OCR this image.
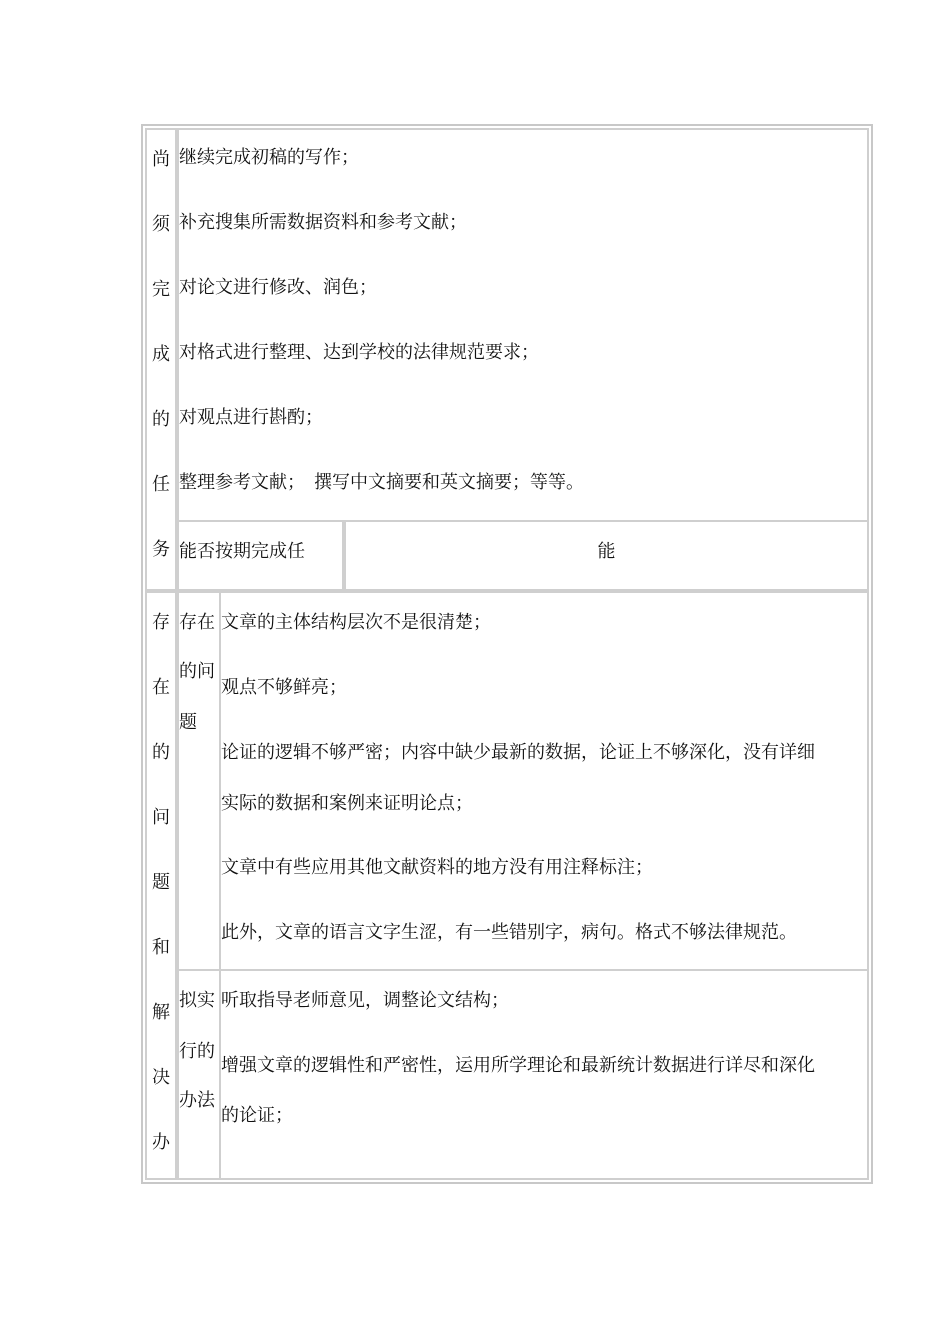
尚
须
完
成
的
任
务
继续完成初稿的写作；
补充搜集所需数据资料和参考文献；
对论文进行修改、润色；
对格式进行整理、达到学校的法律规范要求；
对观点进行斟酌；
整理参考文献；　撰写中文摘要和英文摘要；等等。
能否按期完成任	能
存
在
的
问
题
和
解
决
办
存在
的问
题
文章的主体结构层次不是很清楚；
观点不够鲜亮；
论证的逻辑不够严密；内容中缺少最新的数据，论证上不够深化，没有详细
实际的数据和案例来证明论点；
文章中有些应用其他文献资料的地方没有用注释标注；
此外，文章的语言文字生涩，有一些错别字，病句。格式不够法律规范。
拟实
行的
办法
听取指导老师意见，调整论文结构；
增强文章的逻辑性和严密性，运用所学理论和最新统计数据进行详尽和深化
的论证；
